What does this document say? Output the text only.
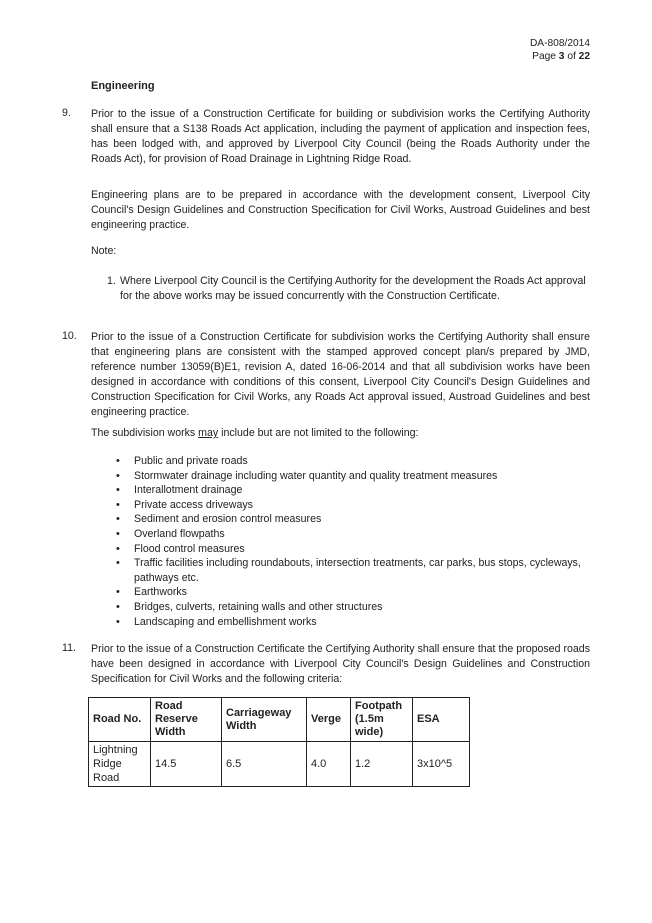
DA-808/2014
Page 3 of 22
Engineering
9. Prior to the issue of a Construction Certificate for building or subdivision works the Certifying Authority shall ensure that a S138 Roads Act application, including the payment of application and inspection fees, has been lodged with, and approved by Liverpool City Council (being the Roads Authority under the Roads Act), for provision of Road Drainage in Lightning Ridge Road.
Engineering plans are to be prepared in accordance with the development consent, Liverpool City Council's Design Guidelines and Construction Specification for Civil Works, Austroad Guidelines and best engineering practice.
Note:
1. Where Liverpool City Council is the Certifying Authority for the development the Roads Act approval for the above works may be issued concurrently with the Construction Certificate.
10. Prior to the issue of a Construction Certificate for subdivision works the Certifying Authority shall ensure that engineering plans are consistent with the stamped approved concept plan/s prepared by JMD, reference number 13059(B)E1, revision A, dated 16-06-2014 and that all subdivision works have been designed in accordance with conditions of this consent, Liverpool City Council's Design Guidelines and Construction Specification for Civil Works, any Roads Act approval issued, Austroad Guidelines and best engineering practice.
The subdivision works may include but are not limited to the following:
• Public and private roads
• Stormwater drainage including water quantity and quality treatment measures
• Interallotment drainage
• Private access driveways
• Sediment and erosion control measures
• Overland flowpaths
• Flood control measures
• Traffic facilities including roundabouts, intersection treatments, car parks, bus stops, cycleways, pathways etc.
• Earthworks
• Bridges, culverts, retaining walls and other structures
• Landscaping and embellishment works
11. Prior to the issue of a Construction Certificate the Certifying Authority shall ensure that the proposed roads have been designed in accordance with Liverpool City Council's Design Guidelines and Construction Specification for Civil Works and the following criteria:
Road No.	Road Reserve Width	Carriageway Width	Verge	Footpath (1.5m wide)	ESA
Lightning Ridge Road	14.5	6.5	4.0	1.2	3x10^5
